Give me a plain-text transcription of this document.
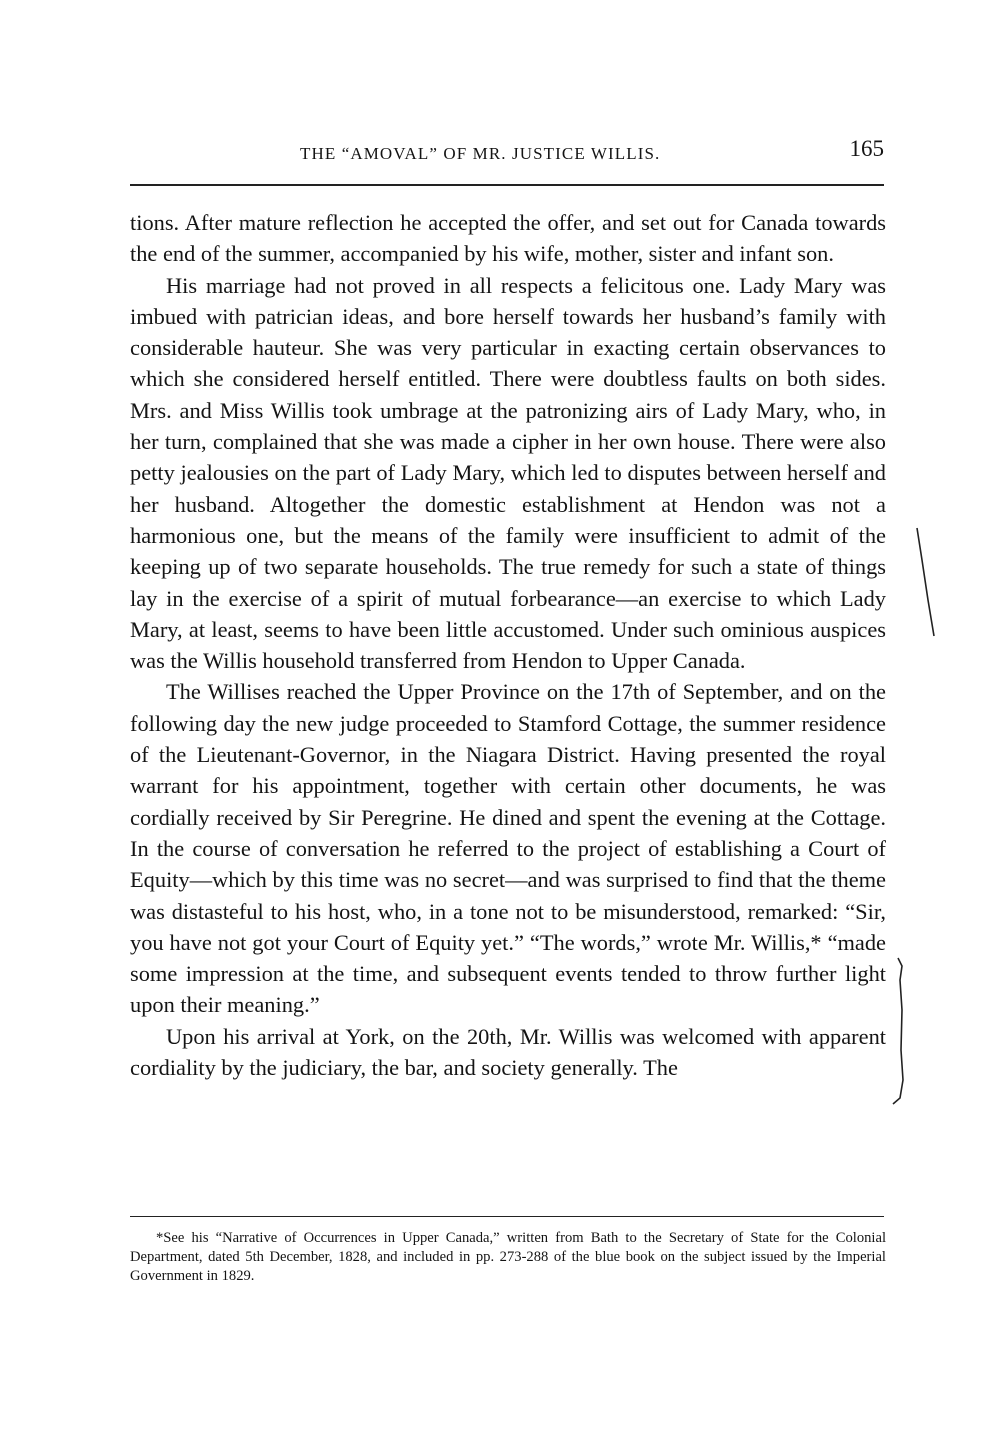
THE “AMOVAL” OF MR. JUSTICE WILLIS.	165

tions. After mature reflection he accepted the offer, and set out for Canada towards the end of the summer, accompanied by his wife, mother, sister and infant son.

His marriage had not proved in all respects a felicitous one. Lady Mary was imbued with patrician ideas, and bore herself towards her husband’s family with considerable hauteur. She was very particular in exacting certain observances to which she considered herself entitled. There were doubtless faults on both sides. Mrs. and Miss Willis took umbrage at the patronizing airs of Lady Mary, who, in her turn, complained that she was made a cipher in her own house. There were also petty jealousies on the part of Lady Mary, which led to disputes between herself and her husband. Altogether the domestic establishment at Hendon was not a harmonious one, but the means of the family were insufficient to admit of the keeping up of two separate households. The true remedy for such a state of things lay in the exercise of a spirit of mutual forbearance—an exercise to which Lady Mary, at least, seems to have been little accustomed. Under such ominious auspices was the Willis household transferred from Hendon to Upper Canada.

The Willises reached the Upper Province on the 17th of September, and on the following day the new judge proceeded to Stamford Cottage, the summer residence of the Lieutenant-Governor, in the Niagara District. Having presented the royal warrant for his appointment, together with certain other documents, he was cordially received by Sir Peregrine. He dined and spent the evening at the Cottage. In the course of conversation he referred to the project of establishing a Court of Equity—which by this time was no secret—and was surprised to find that the theme was distasteful to his host, who, in a tone not to be misunderstood, remarked: “Sir, you have not got your Court of Equity yet.” “The words,” wrote Mr. Willis,* “made some impression at the time, and subsequent events tended to throw further light upon their meaning.”

Upon his arrival at York, on the 20th, Mr. Willis was welcomed with apparent cordiality by the judiciary, the bar, and society generally. The

*See his “Narrative of Occurrences in Upper Canada,” written from Bath to the Secretary of State for the Colonial Department, dated 5th December, 1828, and included in pp. 273-288 of the blue book on the subject issued by the Imperial Government in 1829.
